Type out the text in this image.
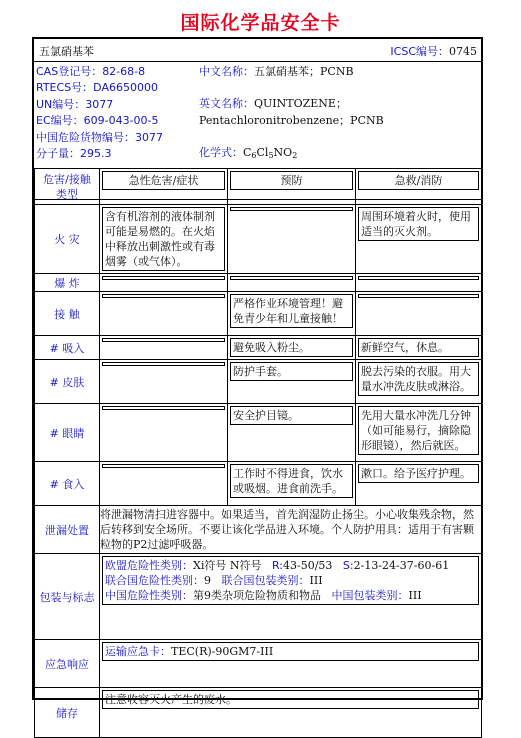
国际化学品安全卡
五氯硝基苯	ICSC编号：0745
CAS登记号：82-68-8
RTECS号：DA6650000
UN编号：3077
EC编号：609-043-00-5
中国危险货物编号：3077
分子量：295.3
中文名称：五氯硝基苯；PCNB
英文名称：QUINTOZENE；
Pentachloronitrobenzene；PCNB
化学式：$C_6Cl_5NO_2$
危害/接触
类型	急性危害/症状	预防	急救/消防

火 灾	含有机溶剂的液体制剂可能是易燃的。在火焰中释放出刺激性或有毒烟雾（或气体）。		周围环境着火时，使用适当的灭火剂。

爆 炸	

接 触		严格作业环境管理！避免青少年和儿童接触！	

# 吸入		避免吸入粉尘。	新鲜空气，休息。

# 皮肤		防护手套。	脱去污染的衣服。用大量水冲洗皮肤或淋浴。

# 眼睛		安全护目镜。	先用大量水冲洗几分钟（如可能易行，摘除隐形眼镜），然后就医。

# 食入		工作时不得进食，饮水或吸烟。进食前洗手。	漱口。给予医疗护理。

泄漏处置	将泄漏物清扫进容器中。如果适当，首先润湿防止扬尘。小心收集残余物，然后转移到安全场所。不要让该化学品进入环境。个人防护用具：适用于有害颗粒物的P2过滤呼吸器。		

包装与标志	欧盟危险性类别：Xi符号 N符号 R:43-50/53 S:2-13-24-37-60-61
联合国危险性类别：9 联合国包装类别：III
中国危险性类别：第9类杂项危险物质和物品 中国包装类别：III		

应急响应	运输应急卡：TEC(R)-90GM7-III		

储存	注意收容灭火产生的废水。		
